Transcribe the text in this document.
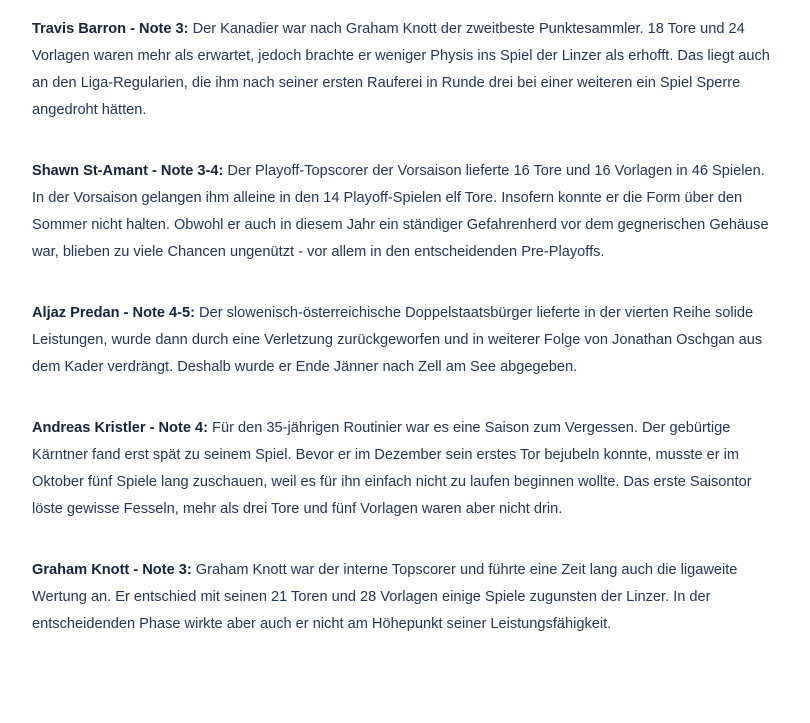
Travis Barron - Note 3: Der Kanadier war nach Graham Knott der zweitbeste Punktesammler. 18 Tore und 24 Vorlagen waren mehr als erwartet, jedoch brachte er weniger Physis ins Spiel der Linzer als erhofft. Das liegt auch an den Liga-Regularien, die ihm nach seiner ersten Rauferei in Runde drei bei einer weiteren ein Spiel Sperre angedroht hätten.

Shawn St-Amant - Note 3-4: Der Playoff-Topscorer der Vorsaison lieferte 16 Tore und 16 Vorlagen in 46 Spielen. In der Vorsaison gelangen ihm alleine in den 14 Playoff-Spielen elf Tore. Insofern konnte er die Form über den Sommer nicht halten. Obwohl er auch in diesem Jahr ein ständiger Gefahrenherd vor dem gegnerischen Gehäuse war, blieben zu viele Chancen ungenützt - vor allem in den entscheidenden Pre-Playoffs.

Aljaz Predan - Note 4-5: Der slowenisch-österreichische Doppelstaatsbürger lieferte in der vierten Reihe solide Leistungen, wurde dann durch eine Verletzung zurückgeworfen und in weiterer Folge von Jonathan Oschgan aus dem Kader verdrängt. Deshalb wurde er Ende Jänner nach Zell am See abgegeben.

Andreas Kristler - Note 4: Für den 35-jährigen Routinier war es eine Saison zum Vergessen. Der gebürtige Kärntner fand erst spät zu seinem Spiel. Bevor er im Dezember sein erstes Tor bejubeln konnte, musste er im Oktober fünf Spiele lang zuschauen, weil es für ihn einfach nicht zu laufen beginnen wollte. Das erste Saisontor löste gewisse Fesseln, mehr als drei Tore und fünf Vorlagen waren aber nicht drin.

Graham Knott - Note 3: Graham Knott war der interne Topscorer und führte eine Zeit lang auch die ligaweite Wertung an. Er entschied mit seinen 21 Toren und 28 Vorlagen einige Spiele zugunsten der Linzer. In der entscheidenden Phase wirkte aber auch er nicht am Höhepunkt seiner Leistungsfähigkeit.
